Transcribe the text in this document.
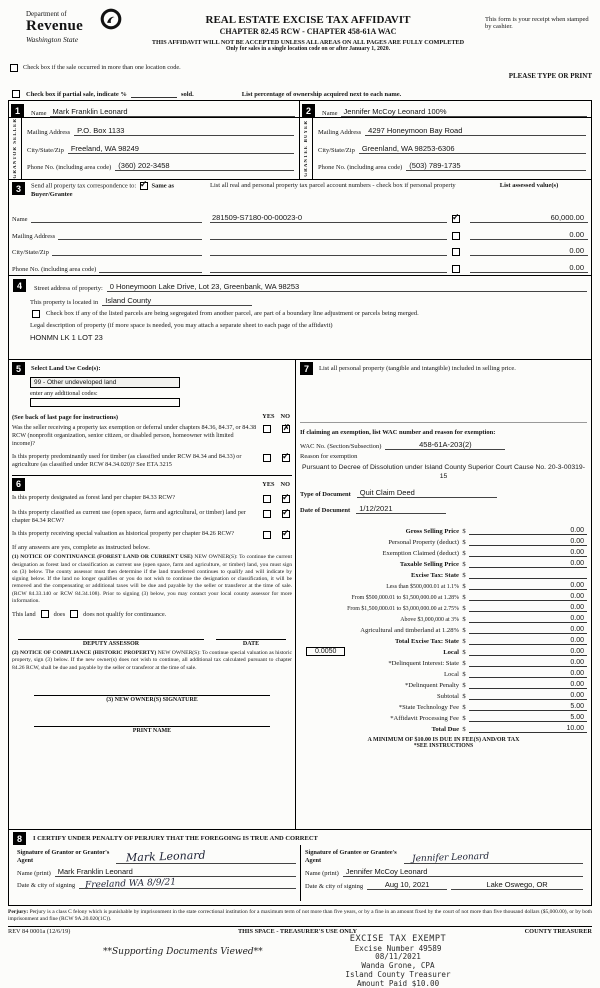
Department of
Revenue
Washington State
REAL ESTATE EXCISE TAX AFFIDAVIT
CHAPTER 82.45 RCW - CHAPTER 458-61A WAC
THIS AFFIDAVIT WILL NOT BE ACCEPTED UNLESS ALL AREAS ON ALL PAGES ARE FULLY COMPLETED
Only for sales in a single location code on or after January 1, 2020.
This form is your receipt when stamped by cashier.
Check box if the sale occurred in more than one location code.
PLEASE TYPE OR PRINT
Check box if partial sale, indicate %	sold.	List percentage of ownership acquired next to each name.
1	Name Mark Franklin Leonard
SELLER
GRANTOR
Mailing Address P.O. Box 1133
City/State/Zip Freeland, WA 98249
Phone No. (including area code) (360) 202-3458
2	Name Jennifer McCoy Leonard 100%
BUYER
GRANTEE
Mailing Address 4297 Honeymoon Bay Road
City/State/Zip Greenland, WA 98253-6306
Phone No. (including area code) (503) 789-1735
3	Send all property tax correspondence to: ✓ Same as Buyer/Grantee
List all real and personal property tax parcel account numbers - check box if personal property	List assessed value(s)
Name	281509-S7180-00-00023-0 ✓	60,000.00
Mailing Address	0.00
City/State/Zip	0.00
Phone No. (including area code)	0.00
4	Street address of property: 0 Honeymoon Lake Drive, Lot 23, Greenbank, WA 98253
This property is located in Island County
Check box if any of the listed parcels are being segregated from another parcel, are part of a boundary line adjustment or parcels being merged.
Legal description of property (if more space is needed, you may attach a separate sheet to each page of the affidavit)
HONMN LK 1 LOT 23
5	Select Land Use Code(s):
99 - Other undeveloped land
enter any additional codes:
(See back of last page for instructions)	YES NO
Was the seller receiving a property tax exemption or deferral under chapters 84.36, 84.37, or 84.38 RCW (nonprofit organization, senior citizen, or disabled person, homeowner with limited income)?
✗
Is this property predominantly used for timber (as classified under RCW 84.34 and 84.33) or agriculture (as classified under RCW 84.34.020)? See ETA 3215
✓
6	YES NO
Is this property designated as forest land per chapter 84.33 RCW?
✓
Is this property classified as current use (open space, farm and agricultural, or timber) land per chapter 84.34 RCW?
✓
Is this property receiving special valuation as historical property per chapter 84.26 RCW?
✓
If any answers are yes, complete as instructed below.
(1) NOTICE OF CONTINUANCE (FOREST LAND OR CURRENT USE) NEW OWNER(S): To continue the current designation as forest land or classification as current use (open space, farm and agriculture, or timber) land, you must sign on (3) below. The county assessor must then determine if the land transferred continues to qualify and will indicate by signing below. If the land no longer qualifies or you do not wish to continue the designation or classification, it will be removed and the compensating or additional taxes will be due and payable by the seller or transferor at the time of sale. (RCW 84.33.140 or RCW 84.34.108). Prior to signing (3) below, you may contact your local county assessor for more information.
This land	does	does not qualify for continuance.
DEPUTY ASSESSOR	DATE
(2) NOTICE OF COMPLIANCE (HISTORIC PROPERTY) NEW OWNER(S): To continue special valuation as historic property, sign (3) below. If the new owner(s) does not wish to continue, all additional tax calculated pursuant to chapter 84.26 RCW, shall be due and payable by the seller or transferor at the time of sale.
(3) NEW OWNER(S) SIGNATURE
PRINT NAME
7	List all personal property (tangible and intangible) included in selling price.
If claiming an exemption, list WAC number and reason for exemption:
WAC No. (Section/Subsection)	458-61A-203(2)
Reason for exemption
Pursuant to Decree of Dissolution under Island County Superior Court Cause No. 20-3-00319-15
Type of Document	Quit Claim Deed
Date of Document	1/12/2021
Gross Selling Price $	0.00
Personal Property (deduct) $	0.00
Exemption Claimed (deduct) $	0.00
Taxable Selling Price $	0.00
Excise Tax: State $
Less than $500,000.01 at 1.1% $	0.00
From $500,000.01 to $1,500,000.00 at 1.28% $	0.00
From $1,500,000.01 to $3,000,000.00 at 2.75% $	0.00
Above $3,000,000 at 3% $	0.00
Agricultural and timberland at 1.28% $	0.00
Total Excise Tax: State $	0.00
0.0050	Local $	0.00
*Delinquent Interest: State $	0.00
Local $	0.00
*Delinquent Penalty $	0.00
Subtotal $	0.00
*State Technology Fee $	5.00
*Affidavit Processing Fee $	5.00
Total Due $	10.00
A MINIMUM OF $10.00 IS DUE IN FEE(S) AND/OR TAX
*SEE INSTRUCTIONS
8	I CERTIFY UNDER PENALTY OF PERJURY THAT THE FOREGOING IS TRUE AND CORRECT
Signature of Grantor or Grantor's Agent	Mark Leonard
Name (print) Mark Franklin Leonard
Date & city of signing Freeland WA 8/9/21
Signature of Grantee or Grantee's Agent	Jennifer Leonard
Name (print) Jennifer McCoy Leonard
Date & city of signing	Aug 10, 2021	Lake Oswego, OR
Perjury: Perjury is a class C felony which is punishable by imprisonment in the state correctional institution for a maximum term of not more than five years, or by a fine in an amount fixed by the court of not more than five thousand dollars ($5,000.00), or by both imprisonment and fine (RCW 9A.20.020(1C)).
REV 84 0001a (12/6/19)	THIS SPACE - TREASURER'S USE ONLY	COUNTY TREASURER
**Supporting Documents Viewed**
EXCISE TAX EXEMPT
Excise Number 49589
08/11/2021
Wanda Grone, CPA
Island County Treasurer
Amount Paid $10.00
